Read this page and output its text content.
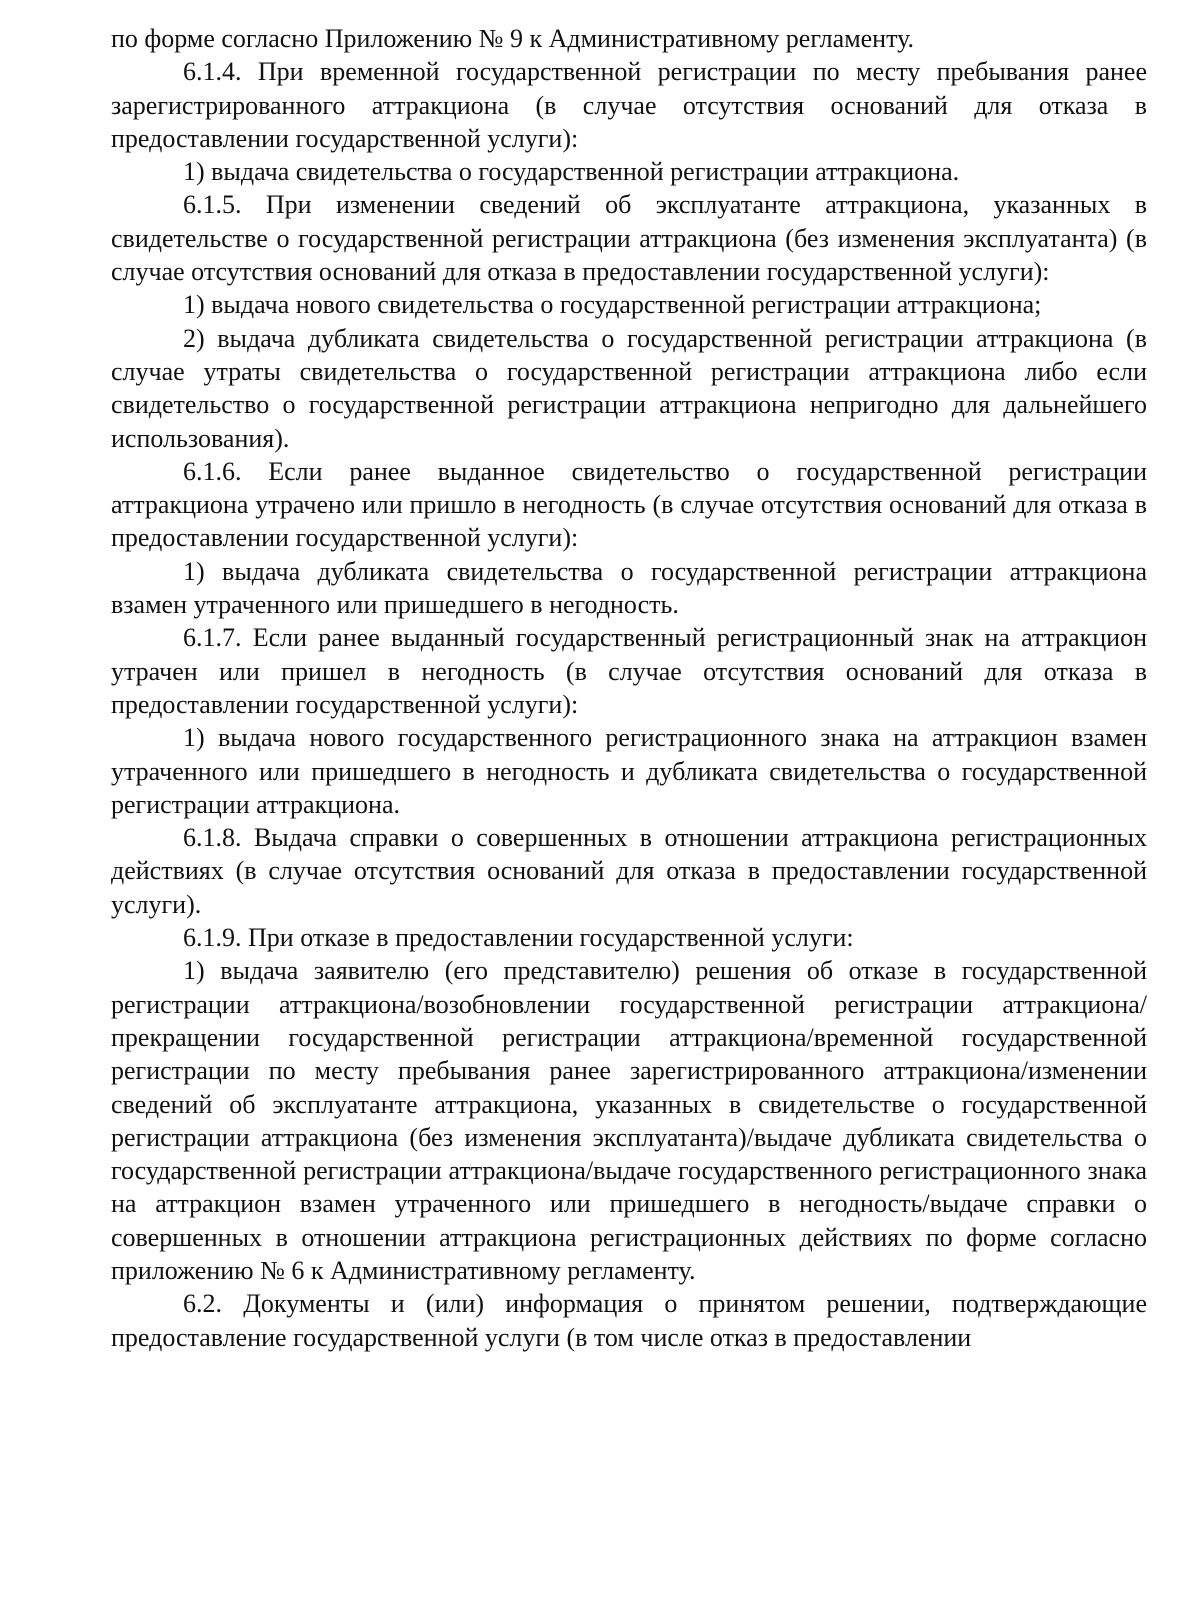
по форме согласно Приложению № 9 к Административному регламенту.

6.1.4. При временной государственной регистрации по месту пребывания ранее зарегистрированного аттракциона (в случае отсутствия оснований для отказа в предоставлении государственной услуги):

1) выдача свидетельства о государственной регистрации аттракциона.

6.1.5. При изменении сведений об эксплуатанте аттракциона, указанных в свидетельстве о государственной регистрации аттракциона (без изменения эксплуатанта) (в случае отсутствия оснований для отказа в предоставлении государственной услуги):

1) выдача нового свидетельства о государственной регистрации аттракциона;

2) выдача дубликата свидетельства о государственной регистрации аттракциона (в случае утраты свидетельства о государственной регистрации аттракциона либо если свидетельство о государственной регистрации аттракциона непригодно для дальнейшего использования).

6.1.6. Если ранее выданное свидетельство о государственной регистрации аттракциона утрачено или пришло в негодность (в случае отсутствия оснований для отказа в предоставлении государственной услуги):

1) выдача дубликата свидетельства о государственной регистрации аттракциона взамен утраченного или пришедшего в негодность.

6.1.7. Если ранее выданный государственный регистрационный знак на аттракцион утрачен или пришел в негодность (в случае отсутствия оснований для отказа в предоставлении государственной услуги):

1) выдача нового государственного регистрационного знака на аттракцион взамен утраченного или пришедшего в негодность и дубликата свидетельства о государственной регистрации аттракциона.

6.1.8. Выдача справки о совершенных в отношении аттракциона регистрационных действиях (в случае отсутствия оснований для отказа в предоставлении государственной услуги).

6.1.9. При отказе в предоставлении государственной услуги:

1) выдача заявителю (его представителю) решения об отказе в государственной регистрации аттракциона/возобновлении государственной регистрации аттракциона/прекращении государственной регистрации аттракциона/временной государственной регистрации по месту пребывания ранее зарегистрированного аттракциона/изменении сведений об эксплуатанте аттракциона, указанных в свидетельстве о государственной регистрации аттракциона (без изменения эксплуатанта)/выдаче дубликата свидетельства о государственной регистрации аттракциона/выдаче государственного регистрационного знака на аттракцион взамен утраченного или пришедшего в негодность/выдаче справки о совершенных в отношении аттракциона регистрационных действиях по форме согласно приложению № 6 к Административному регламенту.

6.2. Документы и (или) информация о принятом решении, подтверждающие предоставление государственной услуги (в том числе отказ в предоставлении
